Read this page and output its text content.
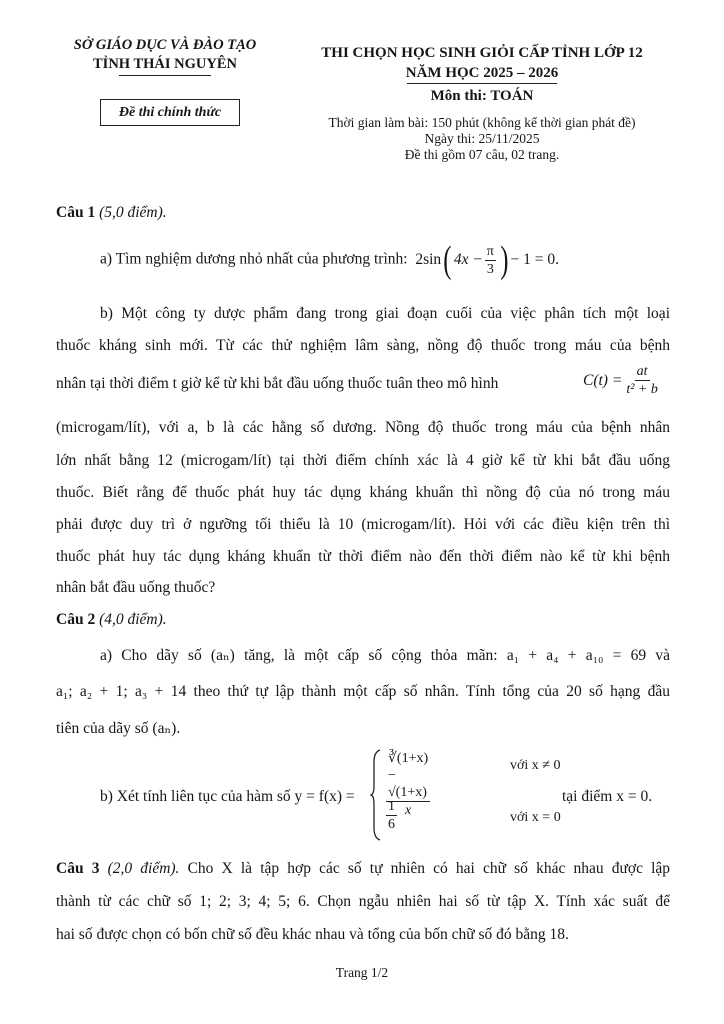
SỞ GIÁO DỤC VÀ ĐÀO TẠO
TỈNH THÁI NGUYÊN
Đề thi chính thức
THI CHỌN HỌC SINH GIỎI CẤP TỈNH LỚP 12
NĂM HỌC 2025 – 2026
Môn thi: TOÁN
Thời gian làm bài: 150 phút (không kể thời gian phát đề)
Ngày thi: 25/11/2025
Đề thi gồm 07 câu, 02 trang.
Câu 1 (5,0 điểm).
a) Tìm nghiệm dương nhỏ nhất của phương trình: 2sin ( $4x - \frac{\pi}{3}$ ) − 1 = 0.
b) Một công ty dược phẩm đang trong giai đoạn cuối của việc phân tích một loại
thuốc kháng sinh mới. Từ các thử nghiệm lâm sàng, nồng độ thuốc trong máu của bệnh
nhân tại thời điểm t giờ kể từ khi bắt đầu uống thuốc tuân theo mô hình	$C(t) = \frac{at}{\text{t² + b}}$
(microgam/lít), với a, b là các hằng số dương. Nồng độ thuốc trong máu của bệnh nhân
lớn nhất bằng 12 (microgam/lít) tại thời điểm chính xác là 4 giờ kể từ khi bắt đầu uống
thuốc. Biết rằng để thuốc phát huy tác dụng kháng khuẩn thì nồng độ của nó trong máu
phải được duy trì ở ngưỡng tối thiểu là 10 (microgam/lít). Hỏi với các điều kiện trên thì
thuốc phát huy tác dụng kháng khuẩn từ thời điểm nào đến thời điểm nào kể từ khi bệnh
nhân bắt đầu uống thuốc?
Câu 2 (4,0 điểm).
a) Cho dãy số (aₙ) tăng, là một cấp số cộng thỏa mãn: a₁ + a₄ + a₁₀ = 69 và
a₁; a₂ + 1; a₃ + 14 theo thứ tự lập thành một cấp số nhân. Tính tổng của 20 số hạng đầu
tiên của dãy số (aₙ).
b) Xét tính liên tục của hàm số y = f(x) =	$\frac{∛(1+x) - √(1+x)}{x}$	với x ≠ 0
$\frac{1}{6}$	với x = 0
tại điểm x = 0.
Câu 3 (2,0 điểm). Cho X là tập hợp các số tự nhiên có hai chữ số khác nhau được lập
thành từ các chữ số 1; 2; 3; 4; 5; 6. Chọn ngẫu nhiên hai số từ tập X. Tính xác suất để
hai số được chọn có bốn chữ số đều khác nhau và tổng của bốn chữ số đó bằng 18.
Trang 1/2
